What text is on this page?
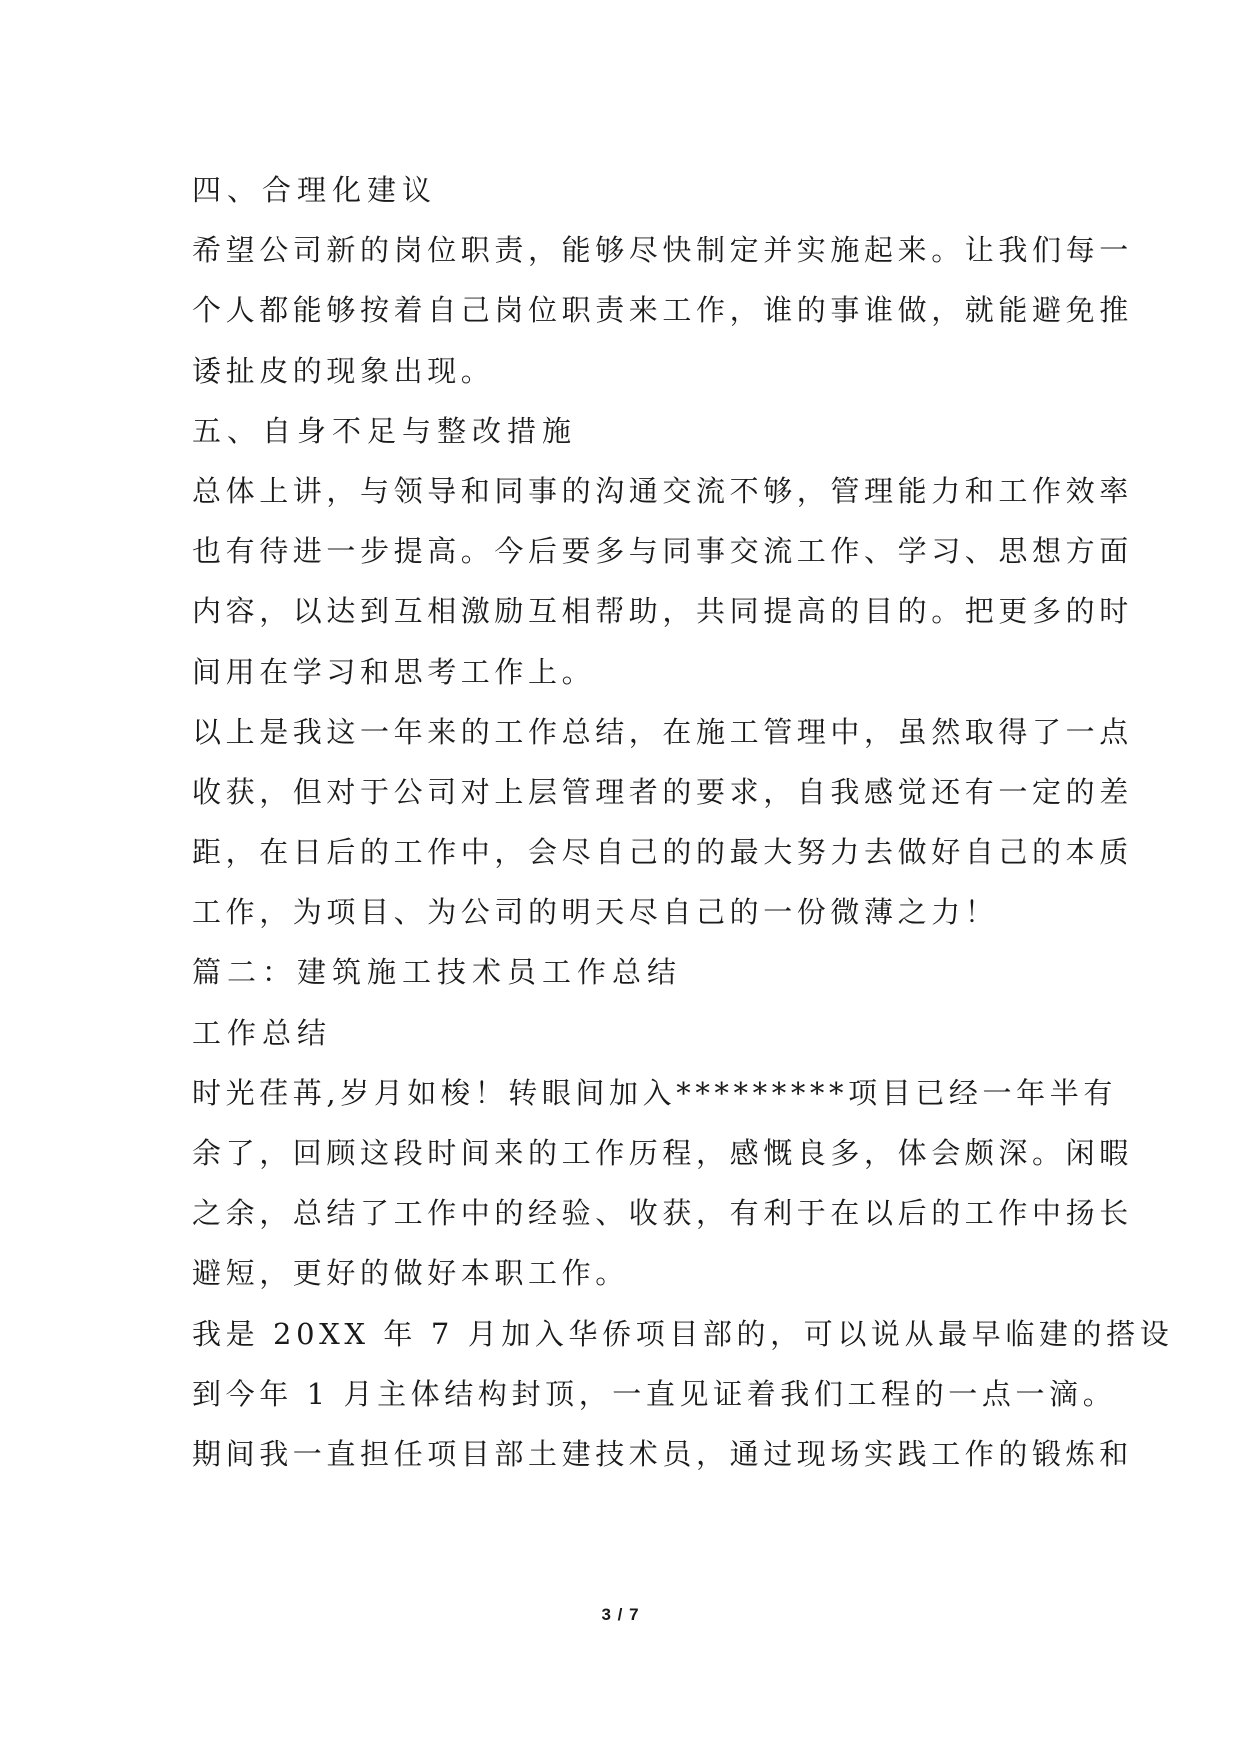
四、合理化建议
希望公司新的岗位职责，能够尽快制定并实施起来。让我们每一
个人都能够按着自己岗位职责来工作，谁的事谁做，就能避免推
诿扯皮的现象出现。
五、自身不足与整改措施
总体上讲，与领导和同事的沟通交流不够，管理能力和工作效率
也有待进一步提高。今后要多与同事交流工作、学习、思想方面
内容，以达到互相激励互相帮助，共同提高的目的。把更多的时
间用在学习和思考工作上。
以上是我这一年来的工作总结，在施工管理中，虽然取得了一点
收获，但对于公司对上层管理者的要求，自我感觉还有一定的差
距，在日后的工作中，会尽自己的的最大努力去做好自己的本质
工作，为项目、为公司的明天尽自己的一份微薄之力！
篇二：建筑施工技术员工作总结
工作总结
时光荏苒,岁月如梭！转眼间加入*********项目已经一年半有
余了，回顾这段时间来的工作历程，感慨良多，体会颇深。闲暇
之余，总结了工作中的经验、收获，有利于在以后的工作中扬长
避短，更好的做好本职工作。
我是 20XX 年 7 月加入华侨项目部的，可以说从最早临建的搭设
到今年 1 月主体结构封顶，一直见证着我们工程的一点一滴。
期间我一直担任项目部土建技术员，通过现场实践工作的锻炼和
3 / 7
